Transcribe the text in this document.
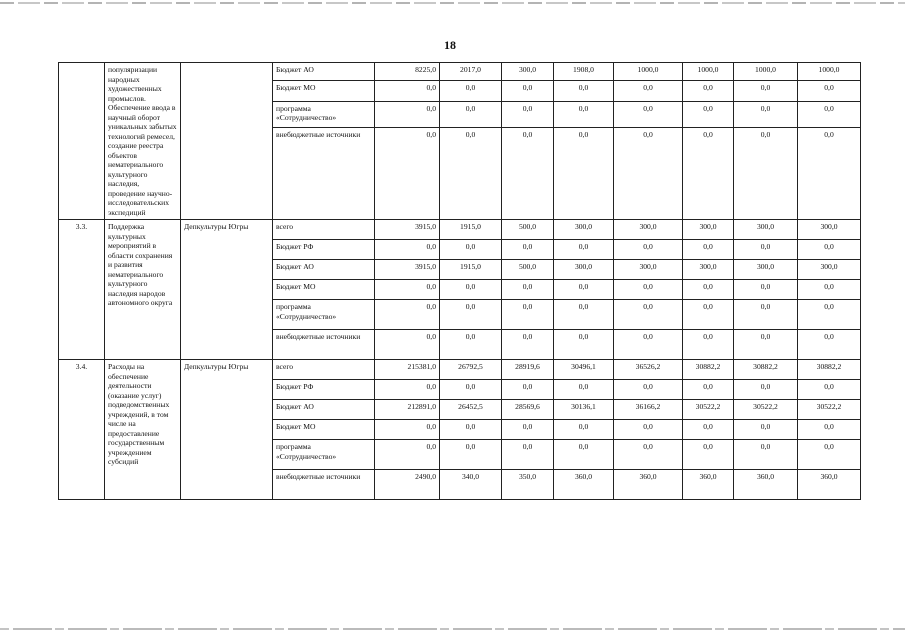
18
	популяризации народных художественных промыслов. Обеспечение ввода в научный оборот уникальных забытых технологий ремесел, создание реестра объектов нематериального культурного наследия, проведение научно-исследовательских экспедиций		Бюджет АО	8225,0	2017,0	300,0	1908,0	1000,0	1000,0	1000,0	1000,0
			Бюджет МО	0,0	0,0	0,0	0,0	0,0	0,0	0,0	0,0
			программа «Сотрудничество»	0,0	0,0	0,0	0,0	0,0	0,0	0,0	0,0
			внебюджетные источники	0,0	0,0	0,0	0,0	0,0	0,0	0,0	0,0
3.3.	Поддержка культурных мероприятий в области сохранения и развития нематериального культурного наследия народов автономного округа	Депкультуры Югры	всего	3915,0	1915,0	500,0	300,0	300,0	300,0	300,0	300,0
			Бюджет РФ	0,0	0,0	0,0	0,0	0,0	0,0	0,0	0,0
			Бюджет АО	3915,0	1915,0	500,0	300,0	300,0	300,0	300,0	300,0
			Бюджет МО	0,0	0,0	0,0	0,0	0,0	0,0	0,0	0,0
			программа «Сотрудничество»	0,0	0,0	0,0	0,0	0,0	0,0	0,0	0,0
			внебюджетные источники	0,0	0,0	0,0	0,0	0,0	0,0	0,0	0,0
3.4.	Расходы на обеспечение деятельности (оказание услуг) подведомственных учреждений, в том числе на предоставление государственным учреждением субсидий	Депкультуры Югры	всего	215381,0	26792,5	28919,6	30496,1	36526,2	30882,2	30882,2	30882,2
			Бюджет РФ	0,0	0,0	0,0	0,0	0,0	0,0	0,0	0,0
			Бюджет АО	212891,0	26452,5	28569,6	30136,1	36166,2	30522,2	30522,2	30522,2
			Бюджет МО	0,0	0,0	0,0	0,0	0,0	0,0	0,0	0,0
			программа «Сотрудничество»	0,0	0,0	0,0	0,0	0,0	0,0	0,0	0,0
			внебюджетные источники	2490,0	340,0	350,0	360,0	360,0	360,0	360,0	360,0
